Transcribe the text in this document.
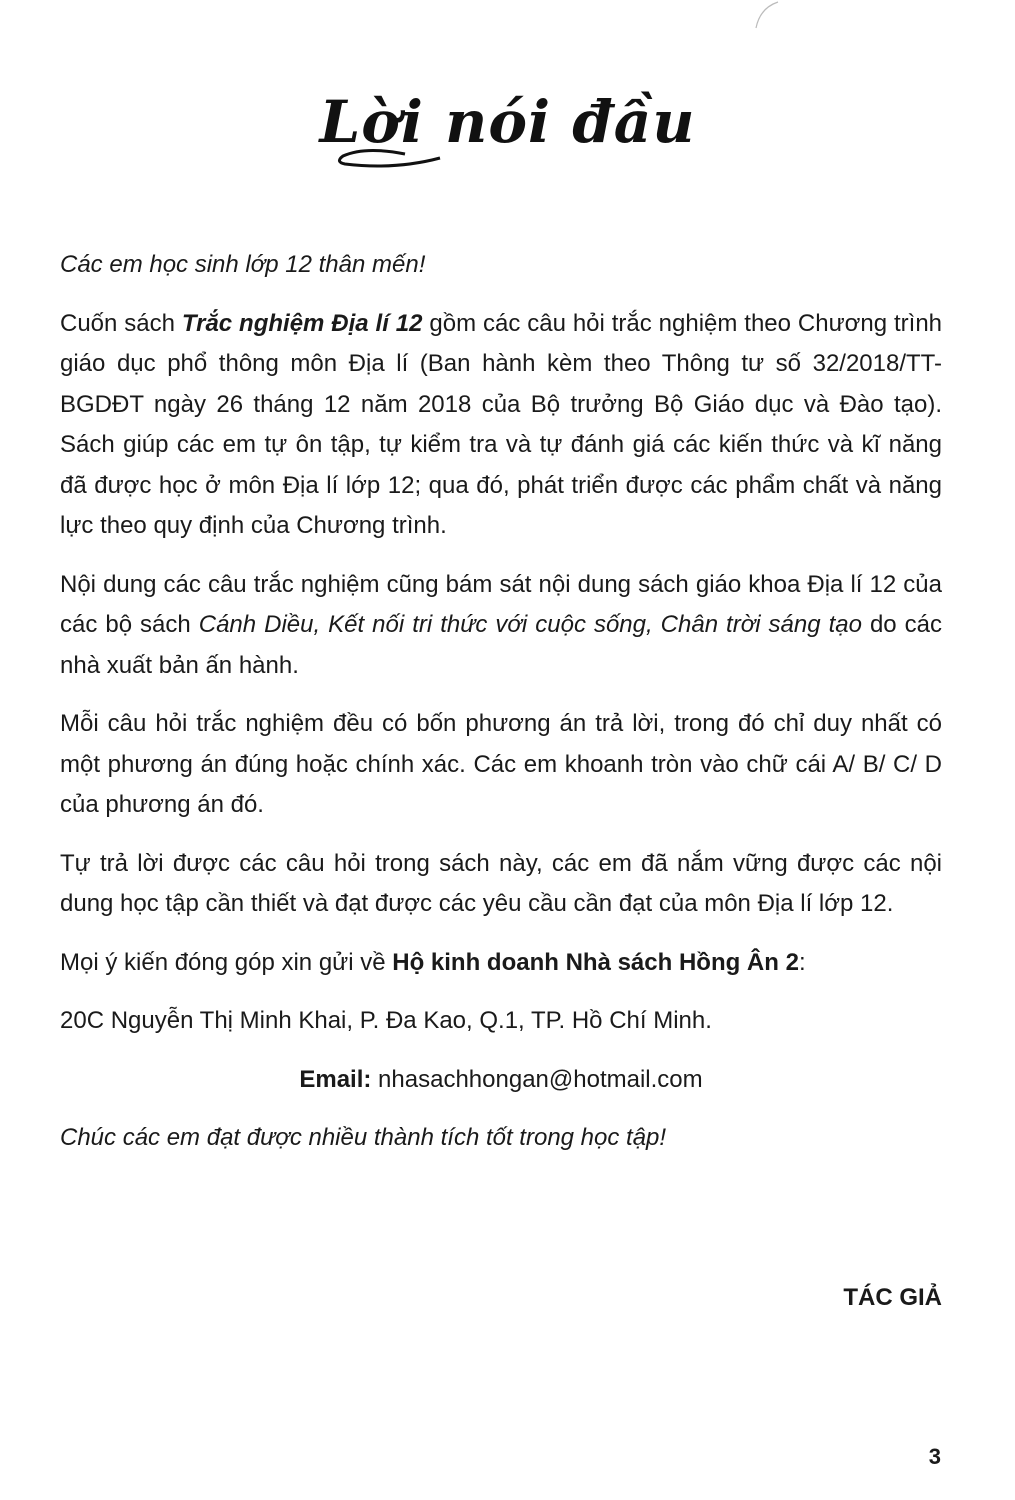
Lời nói đầu

Các em học sinh lớp 12 thân mến!

Cuốn sách Trắc nghiệm Địa lí 12 gồm các câu hỏi trắc nghiệm theo Chương trình giáo dục phổ thông môn Địa lí (Ban hành kèm theo Thông tư số 32/2018/TT-BGDĐT ngày 26 tháng 12 năm 2018 của Bộ trưởng Bộ Giáo dục và Đào tạo). Sách giúp các em tự ôn tập, tự kiểm tra và tự đánh giá các kiến thức và kĩ năng đã được học ở môn Địa lí lớp 12; qua đó, phát triển được các phẩm chất và năng lực theo quy định của Chương trình.

Nội dung các câu trắc nghiệm cũng bám sát nội dung sách giáo khoa Địa lí 12 của các bộ sách Cánh Diều, Kết nối tri thức với cuộc sống, Chân trời sáng tạo do các nhà xuất bản ấn hành.

Mỗi câu hỏi trắc nghiệm đều có bốn phương án trả lời, trong đó chỉ duy nhất có một phương án đúng hoặc chính xác. Các em khoanh tròn vào chữ cái A/ B/ C/ D của phương án đó.

Tự trả lời được các câu hỏi trong sách này, các em đã nắm vững được các nội dung học tập cần thiết và đạt được các yêu cầu cần đạt của môn Địa lí lớp 12.

Mọi ý kiến đóng góp xin gửi về Hộ kinh doanh Nhà sách Hồng Ân 2:

20C Nguyễn Thị Minh Khai, P. Đa Kao, Q.1, TP. Hồ Chí Minh.

Email: nhasachhongan@hotmail.com

Chúc các em đạt được nhiều thành tích tốt trong học tập!

TÁC GIẢ
3
